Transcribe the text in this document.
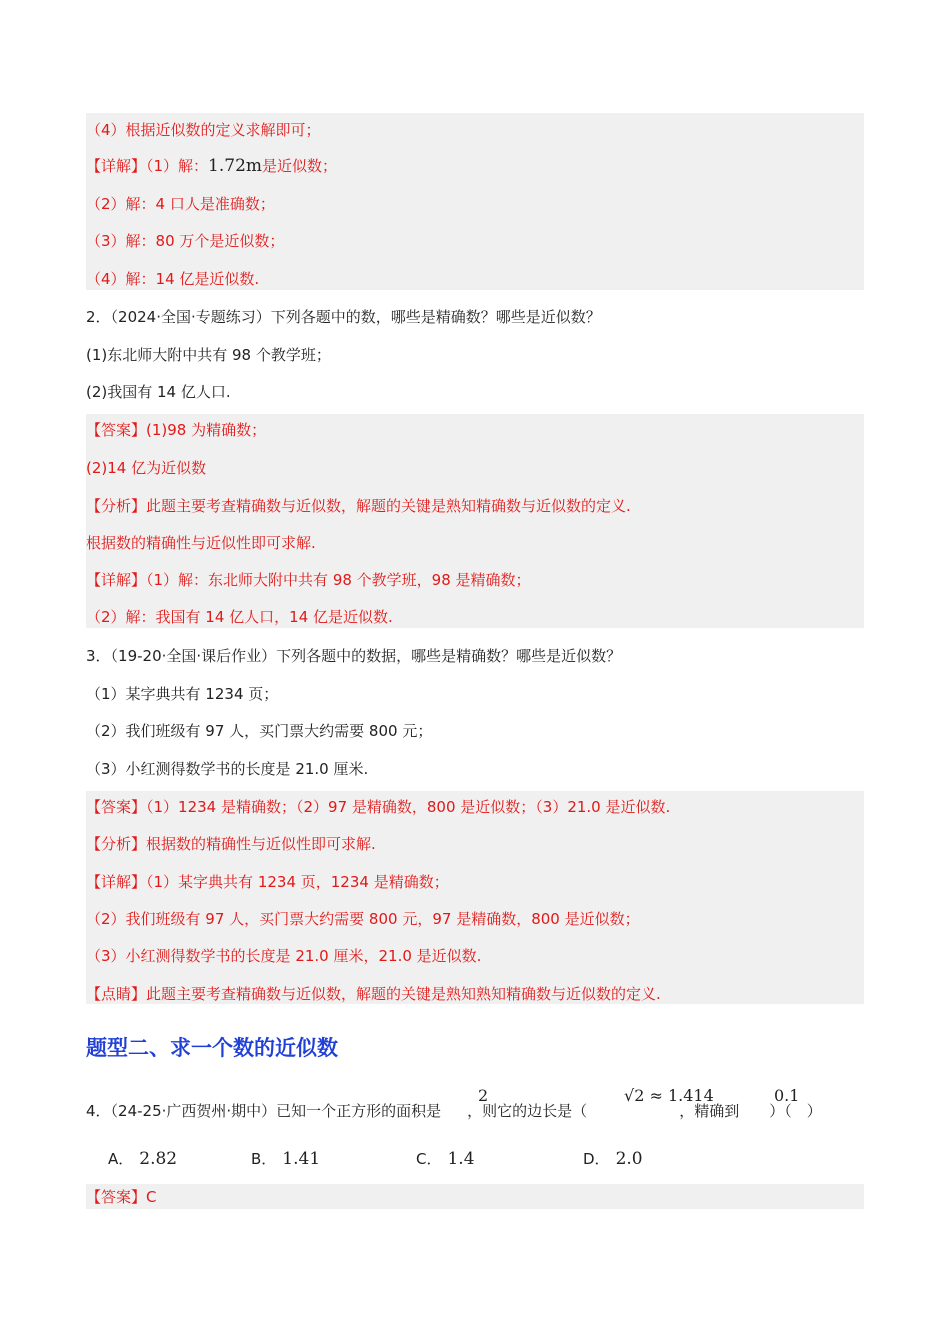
（4）根据近似数的定义求解即可；
【详解】（1）解：1.72m是近似数；
（2）解：4 口人是准确数；
（3）解：80 万个是近似数；
（4）解：14 亿是近似数.
2．（2024·全国·专题练习）下列各题中的数，哪些是精确数？哪些是近似数？
(1)东北师大附中共有 98 个教学班；
(2)我国有 14 亿人口.
【答案】(1)98 为精确数；
(2)14 亿为近似数
【分析】此题主要考查精确数与近似数，解题的关键是熟知精确数与近似数的定义.
根据数的精确性与近似性即可求解.
【详解】（1）解：东北师大附中共有 98 个教学班，98 是精确数；
（2）解：我国有 14 亿人口，14 亿是近似数.
3．（19-20·全国·课后作业）下列各题中的数据，哪些是精确数？哪些是近似数？
（1）某字典共有 1234 页；
（2）我们班级有 97 人，买门票大约需要 800 元；
（3）小红测得数学书的长度是 21.0 厘米.
【答案】（1）1234 是精确数；（2）97 是精确数，800 是近似数；（3）21.0 是近似数.
【分析】根据数的精确性与近似性即可求解.
【详解】（1）某字典共有 1234 页，1234 是精确数；
（2）我们班级有 97 人，买门票大约需要 800 元，97 是精确数，800 是近似数；
（3）小红测得数学书的长度是 21.0 厘米，21.0 是近似数.
【点睛】此题主要考查精确数与近似数，解题的关键是熟知熟知精确数与近似数的定义.
题型二、求一个数的近似数
4．（24-25·广西贺州·期中）已知一个正方形的面积是 ，则它的边长是（	，精确到 ）（　）
2	√2 ≈ 1.414	0.1
A． 2.82	B． 1.41	C． 1.4	D． 2.0
【答案】C
